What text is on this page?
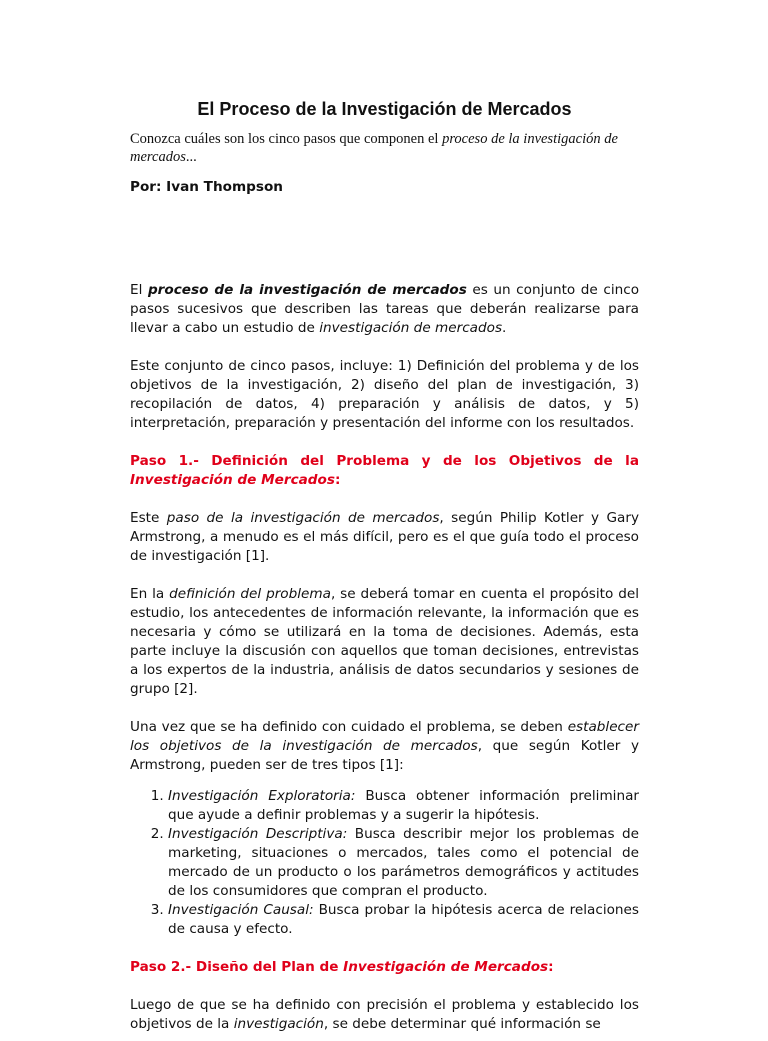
El Proceso de la Investigación de Mercados
Conozca cuáles son los cinco pasos que componen el proceso de la investigación de mercados...
Por: Ivan Thompson

El proceso de la investigación de mercados es un conjunto de cinco pasos sucesivos que describen las tareas que deberán realizarse para llevar a cabo un estudio de investigación de mercados.

Este conjunto de cinco pasos, incluye: 1) Definición del problema y de los objetivos de la investigación, 2) diseño del plan de investigación, 3) recopilación de datos, 4) preparación y análisis de datos, y 5) interpretación, preparación y presentación del informe con los resultados.

Paso 1.- Definición del Problema y de los Objetivos de la Investigación de Mercados:

Este paso de la investigación de mercados, según Philip Kotler y Gary Armstrong, a menudo es el más difícil, pero es el que guía todo el proceso de investigación [1].

En la definición del problema, se deberá tomar en cuenta el propósito del estudio, los antecedentes de información relevante, la información que es necesaria y cómo se utilizará en la toma de decisiones. Además, esta parte incluye la discusión con aquellos que toman decisiones, entrevistas a los expertos de la industria, análisis de datos secundarios y sesiones de grupo [2].

Una vez que se ha definido con cuidado el problema, se deben establecer los objetivos de la investigación de mercados, que según Kotler y Armstrong, pueden ser de tres tipos [1]:

1. Investigación Exploratoria: Busca obtener información preliminar que ayude a definir problemas y a sugerir la hipótesis.
2. Investigación Descriptiva: Busca describir mejor los problemas de marketing, situaciones o mercados, tales como el potencial de mercado de un producto o los parámetros demográficos y actitudes de los consumidores que compran el producto.
3. Investigación Causal: Busca probar la hipótesis acerca de relaciones de causa y efecto.
Paso 2.- Diseño del Plan de Investigación de Mercados:

Luego de que se ha definido con precisión el problema y establecido los objetivos de la investigación, se debe determinar qué información se
